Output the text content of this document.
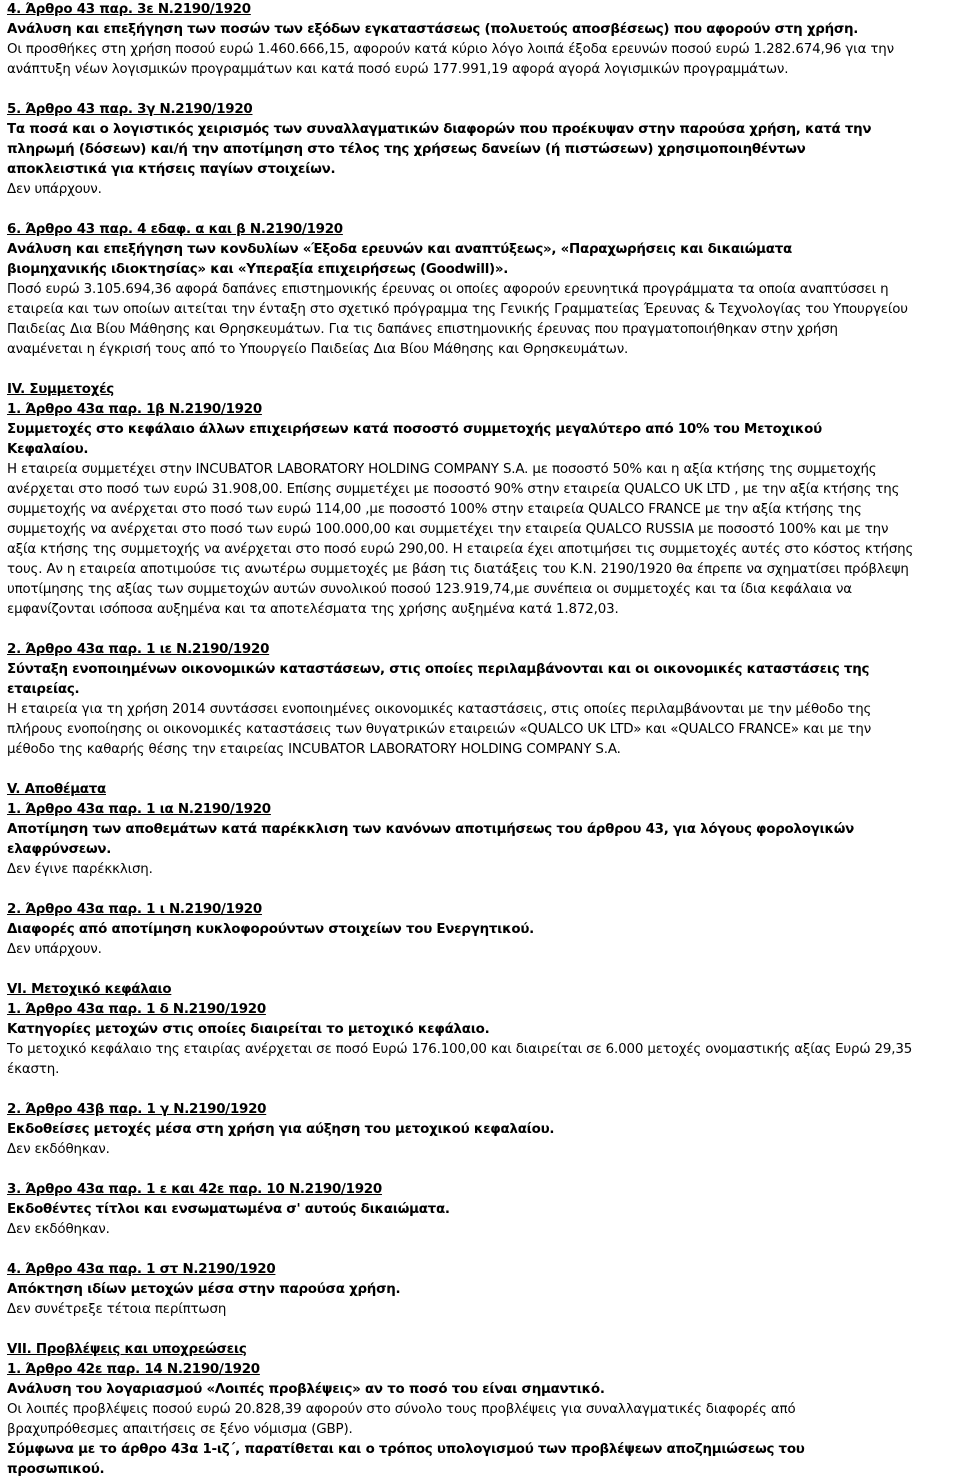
4. Άρθρο 43 παρ. 3ε Ν.2190/1920
Ανάλυση και επεξήγηση των ποσών των εξόδων εγκαταστάσεως (πολυετούς αποσβέσεως) που αφορούν στη χρήση.
Οι προσθήκες στη χρήση ποσού ευρώ 1.460.666,15, αφορούν κατά κύριο λόγο λοιπά έξοδα ερευνών ποσού ευρώ 1.282.674,96 για την
ανάπτυξη νέων λογισμικών προγραμμάτων και κατά ποσό ευρώ 177.991,19 αφορά αγορά λογισμικών προγραμμάτων.
5. Άρθρο 43 παρ. 3γ Ν.2190/1920
Τα ποσά και ο λογιστικός χειρισμός των συναλλαγματικών διαφορών που προέκυψαν στην παρούσα χρήση, κατά την
πληρωμή (δόσεων) και/ή την αποτίμηση στο τέλος της χρήσεως δανείων (ή πιστώσεων) χρησιμοποιηθέντων
αποκλειστικά για κτήσεις παγίων στοιχείων.
Δεν υπάρχουν.
6. Άρθρο 43 παρ. 4 εδαφ. α και β Ν.2190/1920
Ανάλυση και επεξήγηση των κονδυλίων «Έξοδα ερευνών και αναπτύξεως», «Παραχωρήσεις και δικαιώματα
βιομηχανικής ιδιοκτησίας» και «Υπεραξία επιχειρήσεως (Goodwill)».
Ποσό ευρώ 3.105.694,36 αφορά δαπάνες επιστημονικής έρευνας οι οποίες αφορούν ερευνητικά προγράμματα τα οποία αναπτύσσει η
εταιρεία και των οποίων αιτείται την ένταξη στο σχετικό πρόγραμμα της Γενικής Γραμματείας Έρευνας & Τεχνολογίας του Υπουργείου
Παιδείας Δια Βίου Μάθησης και Θρησκευμάτων. Για τις δαπάνες επιστημονικής έρευνας που πραγματοποιήθηκαν στην χρήση
αναμένεται η έγκρισή τους από το Υπουργείο Παιδείας Δια Βίου Μάθησης και Θρησκευμάτων.
IV. Συμμετοχές
1. Άρθρο 43α παρ. 1β Ν.2190/1920
Συμμετοχές στο κεφάλαιο άλλων επιχειρήσεων κατά ποσοστό συμμετοχής μεγαλύτερο από 10% του Μετοχικού
Κεφαλαίου.
Η εταιρεία συμμετέχει στην INCUBATOR LABORATORY HOLDING COMPANY S.A. με ποσοστό 50% και η αξία κτήσης της συμμετοχής
ανέρχεται στο ποσό των ευρώ 31.908,00. Επίσης συμμετέχει με ποσοστό 90% στην εταιρεία QUALCO UK LTD , με την αξία κτήσης της
συμμετοχής να ανέρχεται στο ποσό των ευρώ 114,00 ,με ποσοστό 100% στην εταιρεία QUALCO FRANCE με την αξία κτήσης της
συμμετοχής να ανέρχεται στο ποσό των ευρώ 100.000,00 και συμμετέχει την εταιρεία QUALCO RUSSIA με ποσοστό 100% και με την
αξία κτήσης της συμμετοχής να ανέρχεται στο ποσό ευρώ 290,00. Η εταιρεία έχει αποτιμήσει τις συμμετοχές αυτές στο κόστος κτήσης
τους. Αν η εταιρεία αποτιμούσε τις ανωτέρω συμμετοχές με βάση τις διατάξεις του Κ.Ν. 2190/1920 θα έπρεπε να σχηματίσει πρόβλεψη
υποτίμησης της αξίας των συμμετοχών αυτών συνολικού ποσού 123.919,74,με συνέπεια οι συμμετοχές και τα ίδια κεφάλαια να
εμφανίζονται ισόποσα αυξημένα και τα αποτελέσματα της χρήσης αυξημένα κατά 1.872,03.
2. Άρθρο 43α παρ. 1 ιε Ν.2190/1920
Σύνταξη ενοποιημένων οικονομικών καταστάσεων, στις οποίες περιλαμβάνονται και οι οικονομικές καταστάσεις της
εταιρείας.
Η εταιρεία για τη χρήση 2014 συντάσσει ενοποιημένες οικονομικές καταστάσεις, στις οποίες περιλαμβάνονται με την μέθοδο της
πλήρους ενοποίησης οι οικονομικές καταστάσεις των θυγατρικών εταιρειών «QUALCO UK LTD» και «QUALCO FRANCE» και με την
μέθοδο της καθαρής θέσης την εταιρείας INCUBATOR LABORATORY HOLDING COMPANY S.A.
V. Αποθέματα
1. Άρθρο 43α παρ. 1 ια Ν.2190/1920
Αποτίμηση των αποθεμάτων κατά παρέκκλιση των κανόνων αποτιμήσεως του άρθρου 43, για λόγους φορολογικών
ελαφρύνσεων.
Δεν έγινε παρέκκλιση.
2. Άρθρο 43α παρ. 1 ι Ν.2190/1920
Διαφορές από αποτίμηση κυκλοφορούντων στοιχείων του Ενεργητικού.
Δεν υπάρχουν.
VI. Μετοχικό κεφάλαιο
1. Άρθρο 43α παρ. 1 δ Ν.2190/1920
Κατηγορίες μετοχών στις οποίες διαιρείται το μετοχικό κεφάλαιο.
Το μετοχικό κεφάλαιο της εταιρίας ανέρχεται σε ποσό Ευρώ 176.100,00 και διαιρείται σε 6.000 μετοχές ονομαστικής αξίας Ευρώ 29,35
έκαστη.
2. Άρθρο 43β παρ. 1 γ Ν.2190/1920
Εκδοθείσες μετοχές μέσα στη χρήση για αύξηση του μετοχικού κεφαλαίου.
Δεν εκδόθηκαν.
3. Άρθρο 43α παρ. 1 ε και 42ε παρ. 10 Ν.2190/1920
Εκδοθέντες τίτλοι και ενσωματωμένα σ' αυτούς δικαιώματα.
Δεν εκδόθηκαν.
4. Άρθρο 43α παρ. 1 στ Ν.2190/1920
Απόκτηση ιδίων μετοχών μέσα στην παρούσα χρήση.
Δεν συνέτρεξε τέτοια περίπτωση
VII. Προβλέψεις και υποχρεώσεις
1. Άρθρο 42ε παρ. 14 Ν.2190/1920
Ανάλυση του λογαριασμού «Λοιπές προβλέψεις» αν το ποσό του είναι σημαντικό.
Οι λοιπές προβλέψεις ποσού ευρώ 20.828,39 αφορούν στο σύνολο τους προβλέψεις για συναλλαγματικές διαφορές από
βραχυπρόθεσμες απαιτήσεις σε ξένο νόμισμα (GBP).
Σύμφωνα με το άρθρο 43α 1-ιζ΄, παρατίθεται και ο τρόπος υπολογισμού των προβλέψεων αποζημιώσεως του
προσωπικού.
